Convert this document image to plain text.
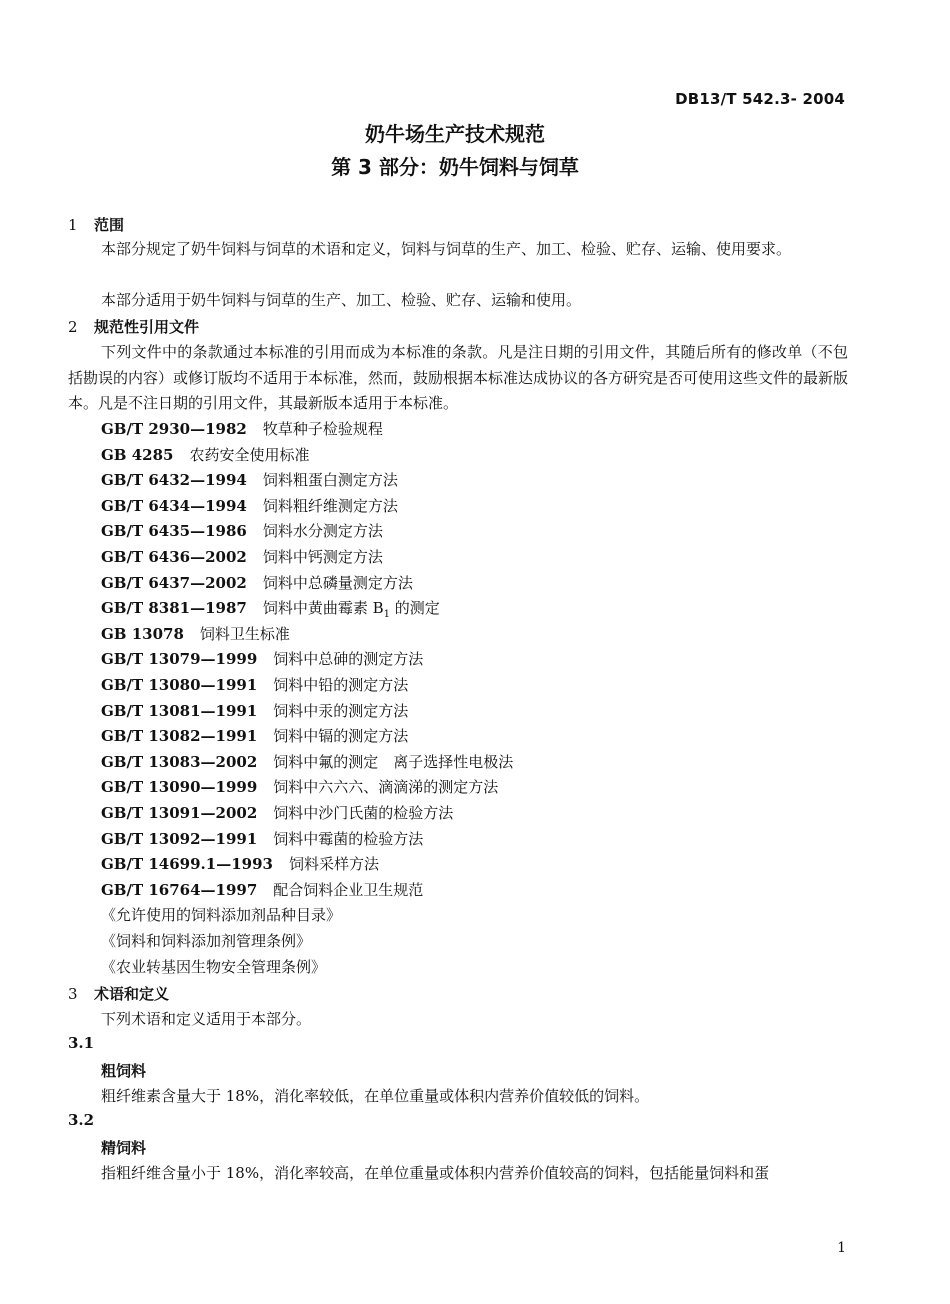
DB13/T 542.3- 2004
奶牛场生产技术规范
第 3 部分：奶牛饲料与饲草
1 范围
本部分规定了奶牛饲料与饲草的术语和定义，饲料与饲草的生产、加工、检验、贮存、运输、使用要求。
本部分适用于奶牛饲料与饲草的生产、加工、检验、贮存、运输和使用。
2 规范性引用文件
下列文件中的条款通过本标准的引用而成为本标准的条款。凡是注日期的引用文件，其随后所有的修改单（不包括勘误的内容）或修订版均不适用于本标准，然而，鼓励根据本标准达成协议的各方研究是否可使用这些文件的最新版本。凡是不注日期的引用文件，其最新版本适用于本标准。
GB/T 2930—1982 牧草种子检验规程
GB 4285 农药安全使用标准
GB/T 6432—1994 饲料粗蛋白测定方法
GB/T 6434—1994 饲料粗纤维测定方法
GB/T 6435—1986 饲料水分测定方法
GB/T 6436—2002 饲料中钙测定方法
GB/T 6437—2002 饲料中总磷量测定方法
GB/T 8381—1987 饲料中黄曲霉素 $B_1$ 的测定
GB 13078 饲料卫生标准
GB/T 13079—1999 饲料中总砷的测定方法
GB/T 13080—1991 饲料中铅的测定方法
GB/T 13081—1991 饲料中汞的测定方法
GB/T 13082—1991 饲料中镉的测定方法
GB/T 13083—2002 饲料中氟的测定　离子选择性电极法
GB/T 13090—1999 饲料中六六六、滴滴涕的测定方法
GB/T 13091—2002 饲料中沙门氏菌的检验方法
GB/T 13092—1991 饲料中霉菌的检验方法
GB/T 14699.1—1993 饲料采样方法
GB/T 16764—1997 配合饲料企业卫生规范
《允许使用的饲料添加剂品种目录》
《饲料和饲料添加剂管理条例》
《农业转基因生物安全管理条例》
3 术语和定义
下列术语和定义适用于本部分。
3.1
粗饲料
粗纤维素含量大于 18%，消化率较低，在单位重量或体积内营养价值较低的饲料。
3.2
精饲料
指粗纤维含量小于 18%，消化率较高，在单位重量或体积内营养价值较高的饲料，包括能量饲料和蛋
1
